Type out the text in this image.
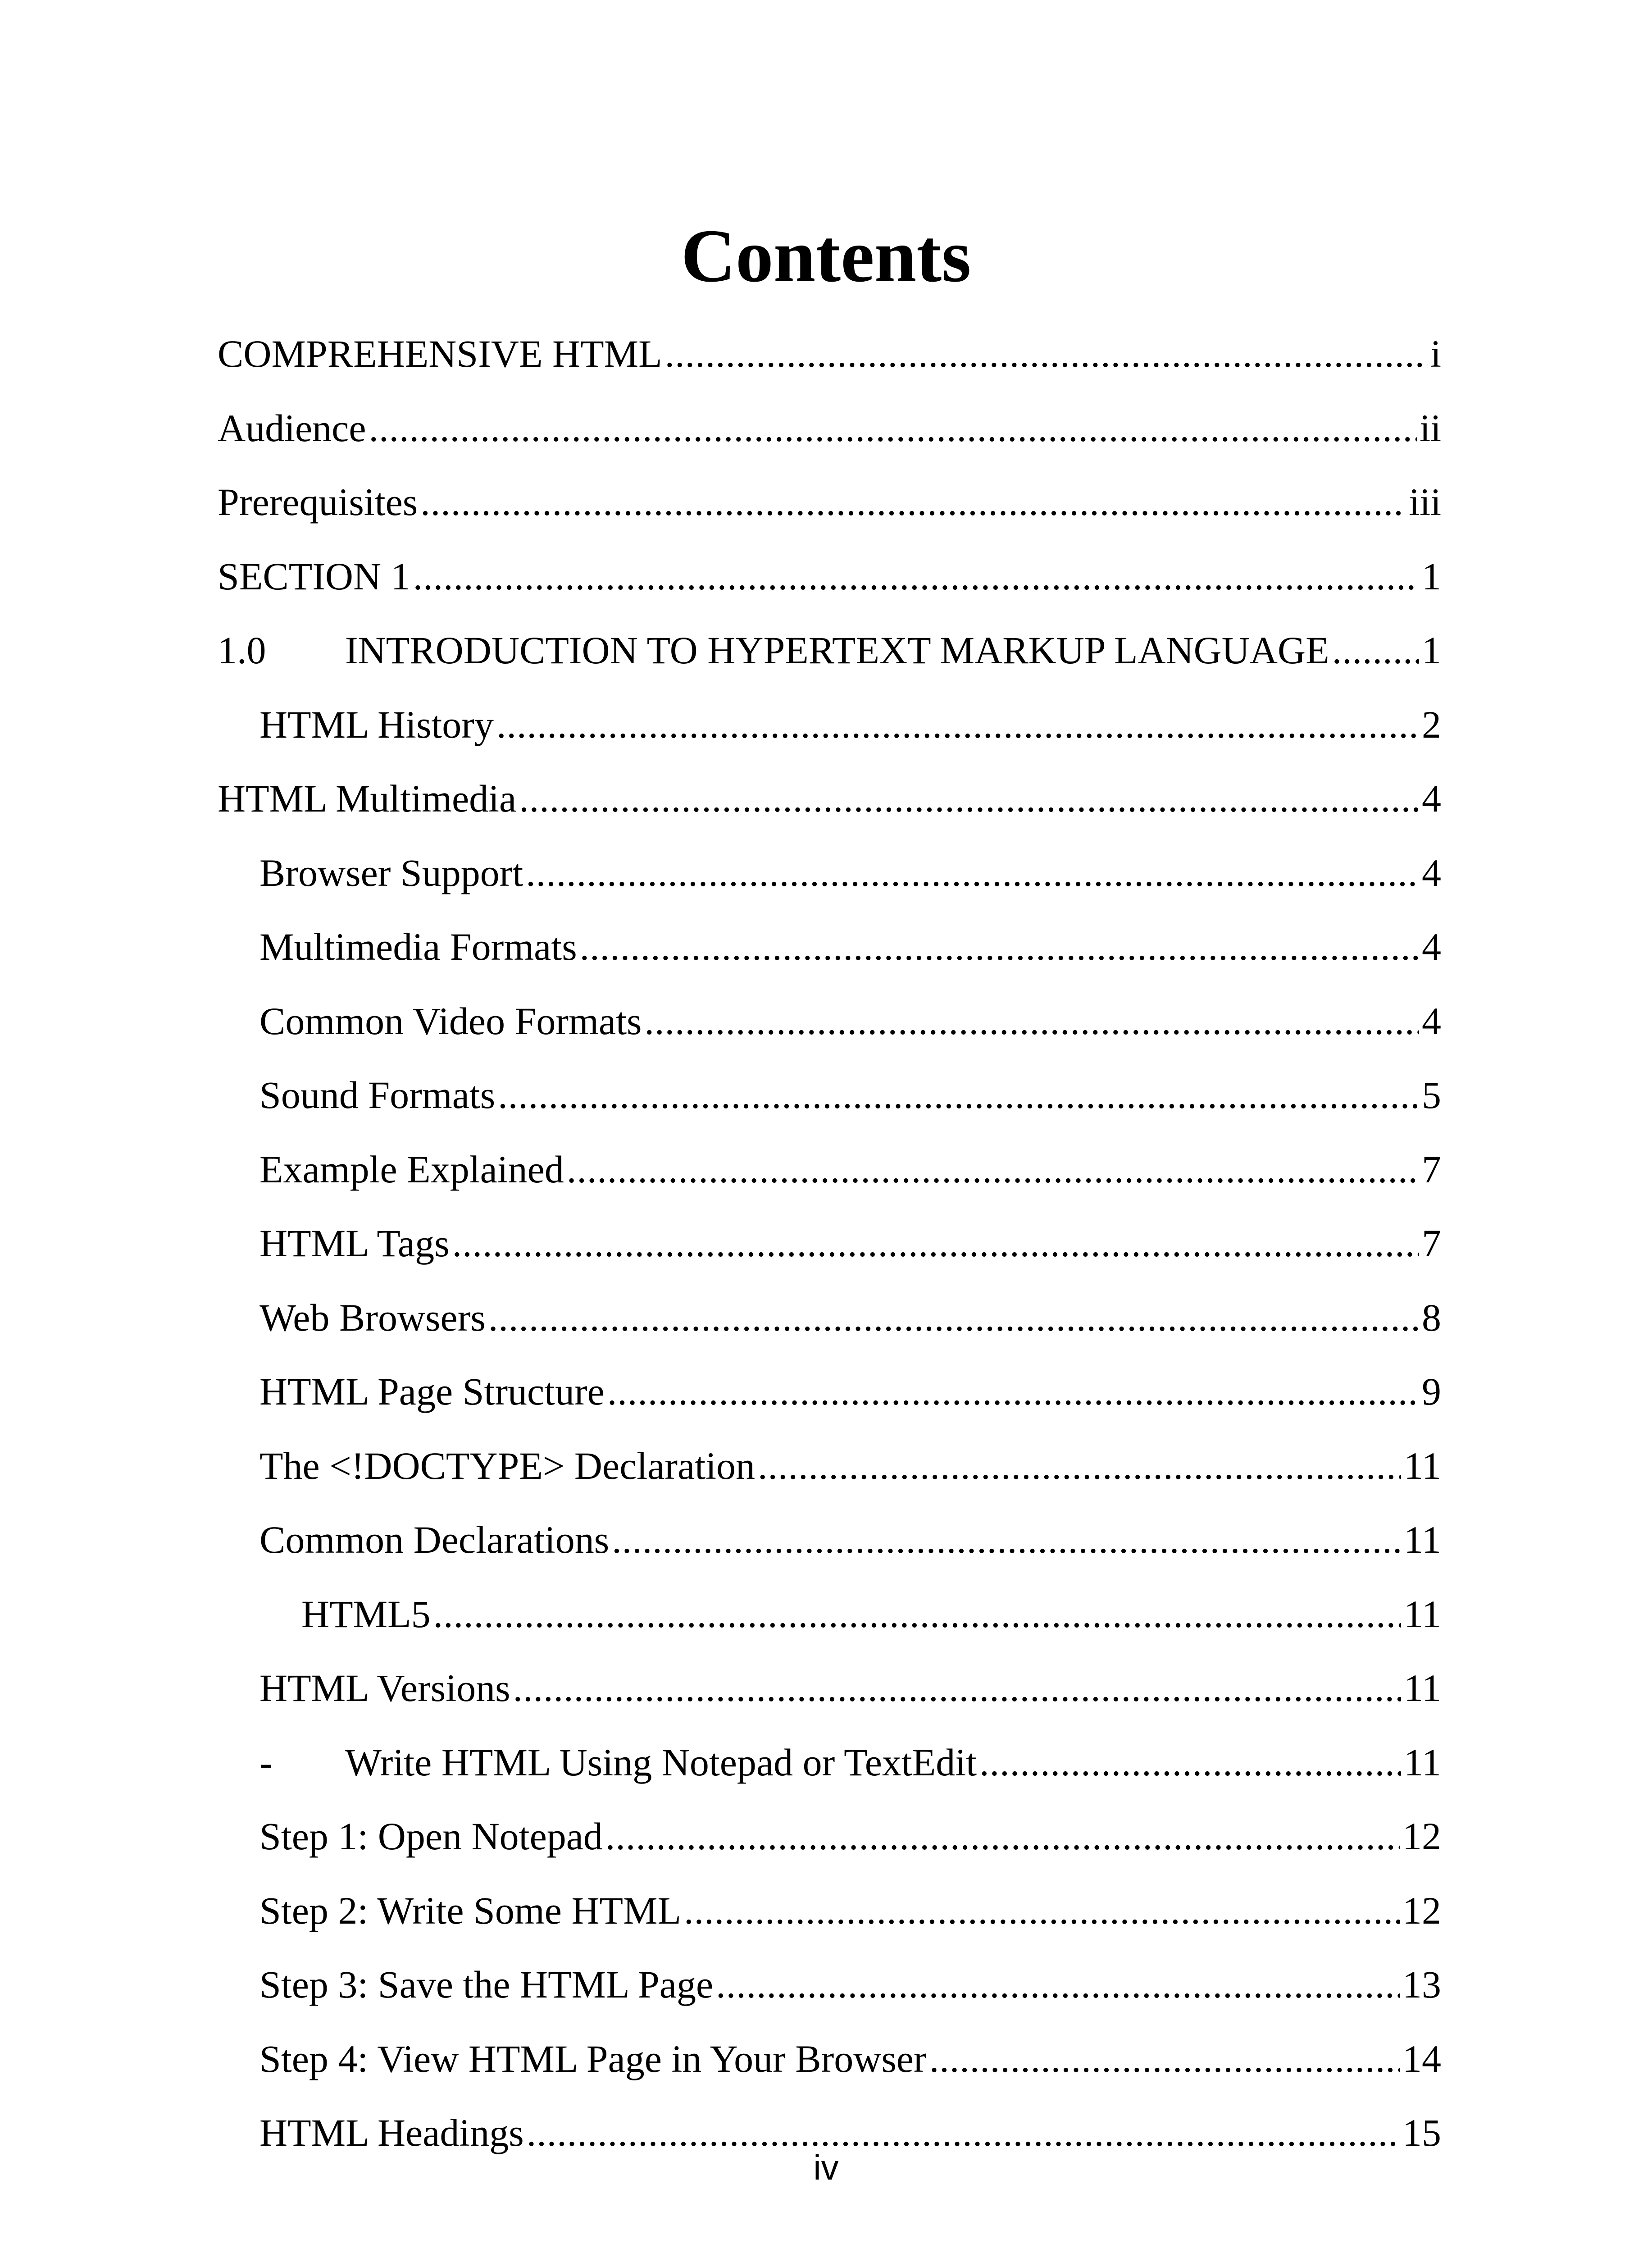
Contents
COMPREHENSIVE HTML .....	i
Audience .....	ii
Prerequisites .....	iii
SECTION 1 .....	1
1.0	INTRODUCTION TO HYPERTEXT MARKUP LANGUAGE ..... 1
HTML History .....	2
HTML Multimedia .....	4
Browser Support .....	4
Multimedia Formats .....	4
Common Video Formats .....	4
Sound Formats .....	5
Example Explained .....	7
HTML Tags .....	7
Web Browsers .....	8
HTML Page Structure .....	9
The <!DOCTYPE> Declaration .....	11
Common Declarations .....	11
HTML5 .....	11
HTML Versions .....	11
-	Write HTML Using Notepad or TextEdit .....	11
Step 1: Open Notepad .....	12
Step 2: Write Some HTML .....	12
Step 3: Save the HTML Page .....	13
Step 4: View HTML Page in Your Browser .....	14
HTML Headings .....	15
iv
